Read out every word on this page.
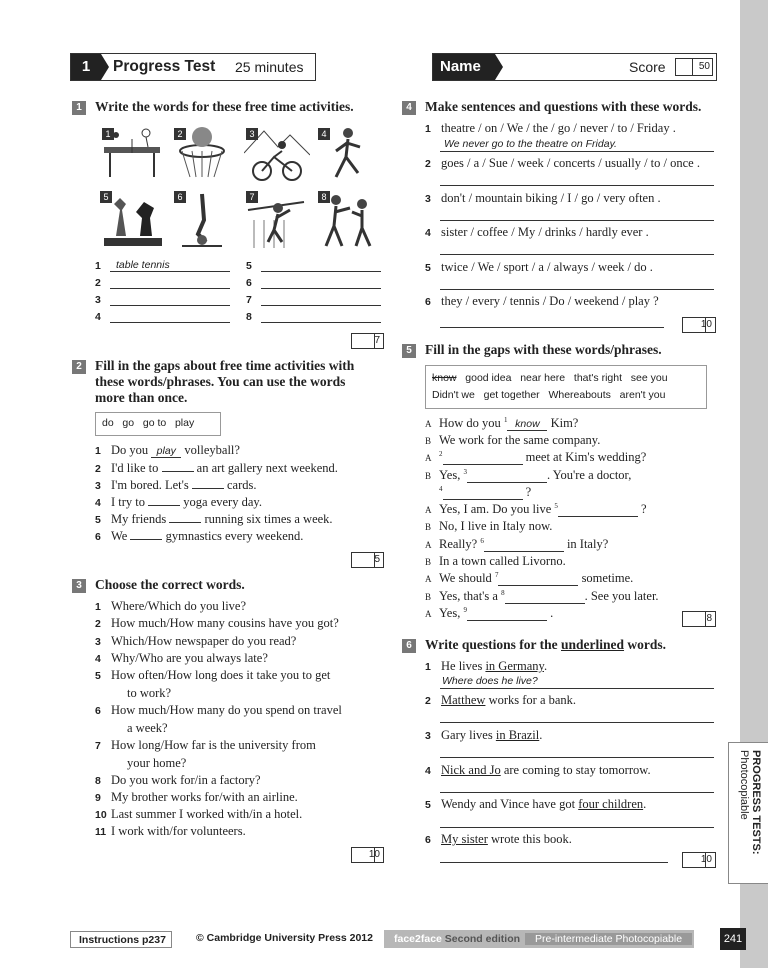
PROGRESS TESTS:
Photocopiable
1	Progress Test 25 minutes	Name	Score	50
1 Write the words for these free time activities.
1	2	3	4
5	6	7	8
1	table tennis
2
3
4
5
6
7
8
7
2 Fill in the gaps about free time activities with
these words/phrases. You can use the words
more than once.
do   go   go to   play
1 Do you play volleyball?
2 I'd like to	an art gallery next weekend.
3 I'm bored. Let's	cards.
4 I try to	yoga every day.
5 My friends	running six times a week.
6 We	gymnastics every weekend.
5
3 Choose the correct words.
1 Where/Which do you live?
2 How much/How many cousins have you got?
3 Which/How newspaper do you read?
4 Why/Who are you always late?
5 How often/How long does it take you to get
to work?
6 How much/How many do you spend on travel
a week?
7 How long/How far is the university from
your home?
8 Do you work for/in a factory?
9 My brother works for/with an airline.
10 Last summer I worked with/in a hotel.
11 I work with/for volunteers.
10
4 Make sentences and questions with these words.
1 theatre / on / We / the / go / never / to / Friday .
We never go to the theatre on Friday.
2 goes / a / Sue / week / concerts / usually / to / once .
3 don't / mountain biking / I / go / very often .
4 sister / coffee / My / drinks / hardly ever .
5 twice / We / sport / a / always / week / do .
6 they / every / tennis / Do / weekend / play ?
10
5 Fill in the gaps with these words/phrases.
know good idea near here that's right see you
Didn't we get together Whereabouts aren't you
A How do you $^1$ know Kim?
B We work for the same company.
A $^2$	meet at Kim's wedding?
B Yes, $^3$	. You're a doctor,
$^4$	?
A Yes, I am. Do you live $^5$	?
B No, I live in Italy now.
A Really? $^6$	in Italy?
B In a town called Livorno.
A We should $^7$	sometime.
B Yes, that's a $^8$	. See you later.
A Yes, $^9$	.	8
6 Write questions for the underlined words.
1 He lives in Germany.
Where does he live?
2 Matthew works for a bank.
3 Gary lives in Brazil.
4 Nick and Jo are coming to stay tomorrow.
5 Wendy and Vince have got four children.
6 My sister wrote this book.
10
Instructions p237	© Cambridge University Press 2012	face2face Second edition Pre-intermediate Photocopiable	241
